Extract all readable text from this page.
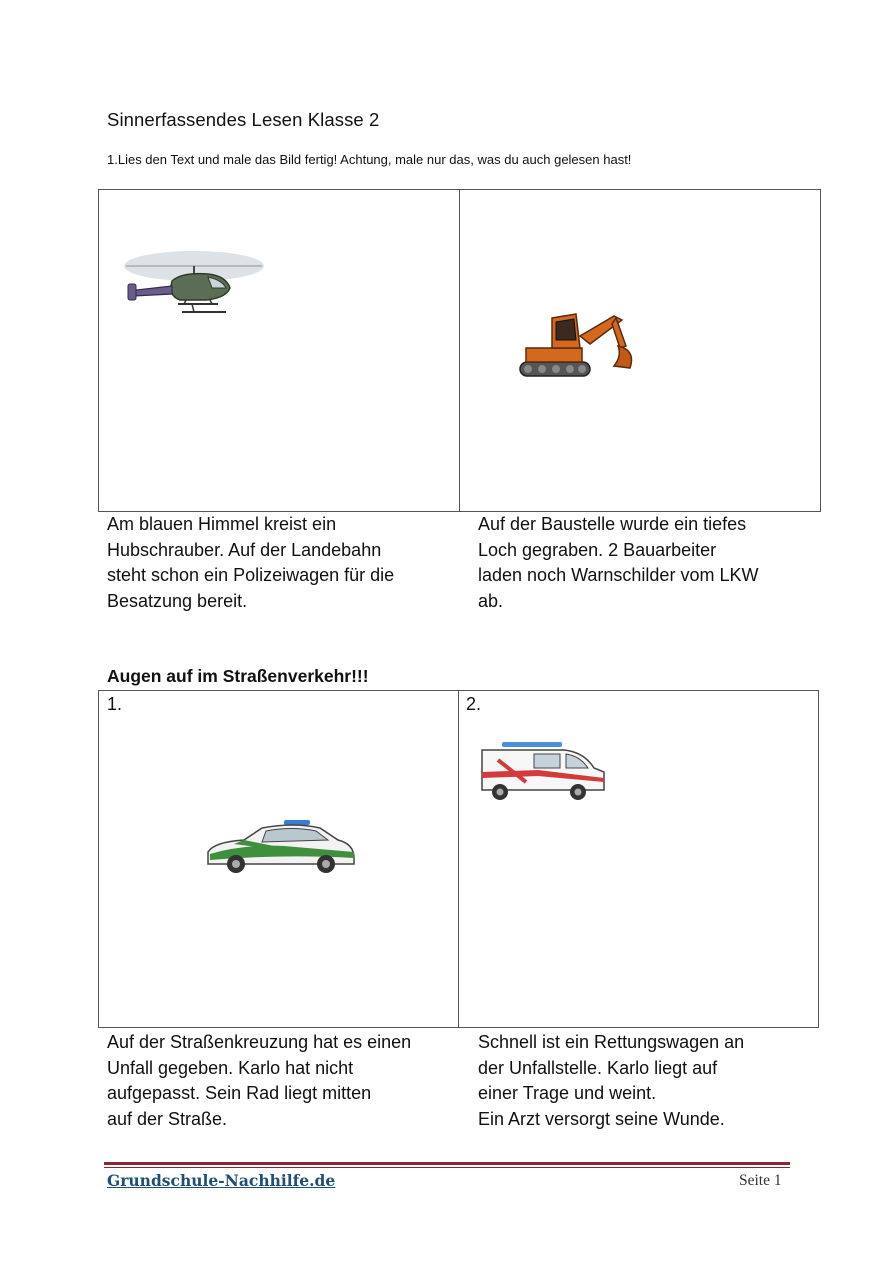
Sinnerfassendes Lesen Klasse 2
1.Lies den Text und male das Bild fertig! Achtung, male nur das, was du auch gelesen hast!
Am blauen Himmel kreist ein
Hubschrauber. Auf der Landebahn
steht schon ein Polizeiwagen für die
Besatzung bereit.
Auf der Baustelle wurde ein tiefes
Loch gegraben. 2 Bauarbeiter
laden noch Warnschilder vom LKW
ab.
Augen auf im Straßenverkehr!!!
1.	2.
Auf der Straßenkreuzung hat es einen
Unfall gegeben. Karlo hat nicht
aufgepasst. Sein Rad liegt mitten
auf der Straße.
Schnell ist ein Rettungswagen an
der Unfallstelle. Karlo liegt auf
einer Trage und weint.
Ein Arzt versorgt seine Wunde.
Grundschule-Nachhilfe.de	Seite 1
